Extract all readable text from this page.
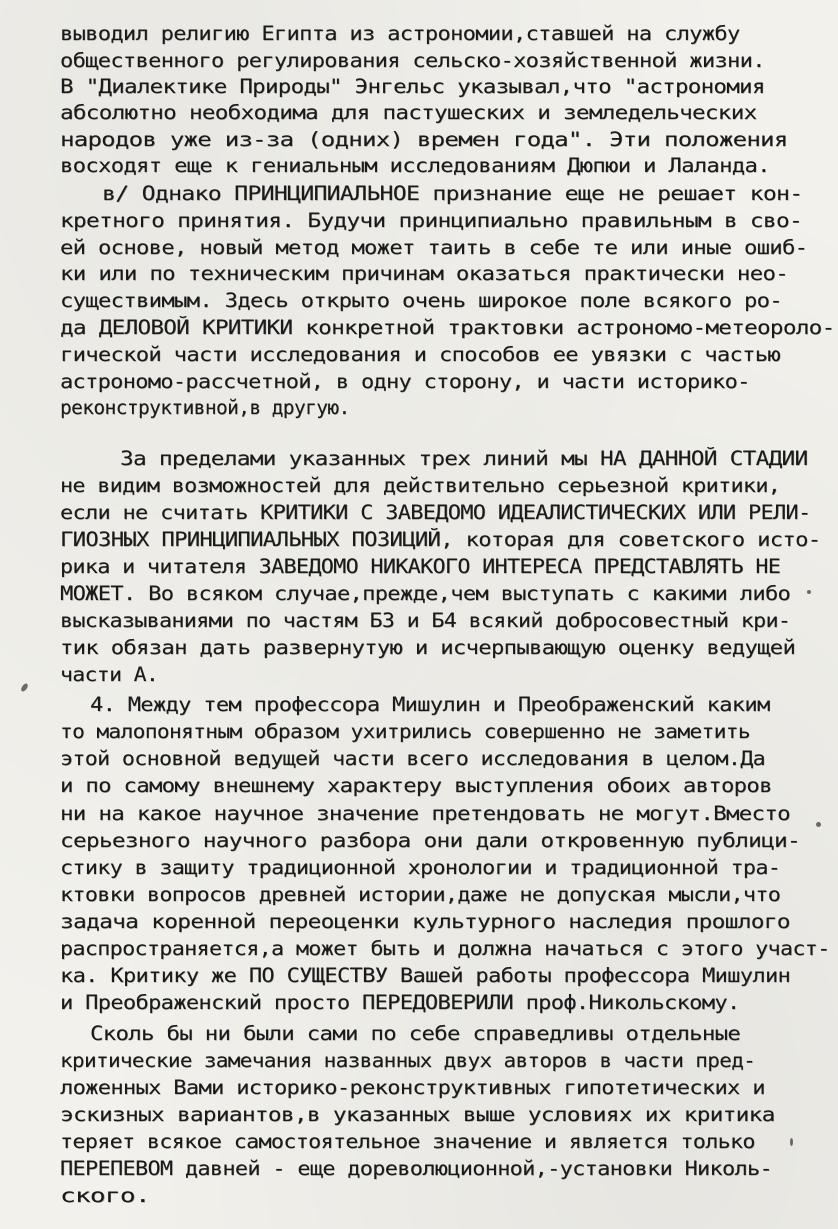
выводил религию Египта из астрономии,ставшей на службу
общественного регулирования сельско-хозяйственной жизни.
В "Диалектике Природы" Энгельс указывал,что "астрономия
абсолютно необходима для пастушеских и земледельческих
народов уже из-за (одних) времен года". Эти положения
восходят еще к гениальным исследованиям Дюпюи и Лаланда.
в/ Однако ПРИНЦИПИАЛЬНОЕ признание еще не решает кон-
кретного принятия. Будучи принципиально правильным в сво-
ей основе, новый метод может таить в себе те или иные ошиб-
ки или по техническим причинам оказаться практически нео-
существимым. Здесь открыто очень широкое поле всякого ро-
да ДЕЛОВОЙ КРИТИКИ конкретной трактовки астрономо-метеороло-
гической части исследования и способов ее увязки с частью
астрономо-рассчетной, в одну сторону, и части историко-
реконструктивной,в другую.
За пределами указанных трех линий мы НА ДАННОЙ СТАДИИ
не видим возможностей для действительно серьезной критики,
если не считать КРИТИКИ С ЗАВЕДОМО ИДЕАЛИСТИЧЕСКИХ ИЛИ РЕЛИ-
ГИОЗНЫХ ПРИНЦИПИАЛЬНЫХ ПОЗИЦИЙ, которая для советского исто-
рика и читателя ЗАВЕДОМО НИКАКОГО ИНТЕРЕСА ПРЕДСТАВЛЯТЬ НЕ
МОЖЕТ. Во всяком случае,прежде,чем выступать с какими либо
высказываниями по частям Б3 и Б4 всякий добросовестный кри-
тик обязан дать развернутую и исчерпывающую оценку ведущей
части А.
4. Между тем профессора Мишулин и Преображенский каким
то малопонятным образом ухитрились совершенно не заметить
этой основной ведущей части всего исследования в целом.Да
и по самому внешнему характеру выступления обоих авторов
ни на какое научное значение претендовать не могут.Вместо
серьезного научного разбора они дали откровенную публици-
стику в защиту традиционной хронологии и традиционной тра-
ктовки вопросов древней истории,даже не допуская мысли,что
задача коренной переоценки культурного наследия прошлого
распространяется,а может быть и должна начаться с этого участ-
ка. Критику же ПО СУЩЕСТВУ Вашей работы профессора Мишулин
и Преображенский просто ПЕРЕДОВЕРИЛИ проф.Никольскому.
Сколь бы ни были сами по себе справедливы отдельные
критические замечания названных двух авторов в части пред-
ложенных Вами историко-реконструктивных гипотетических и
эскизных вариантов,в указанных выше условиях их критика
теряет всякое самостоятельное значение и является только
ПЕРЕПЕВОМ давней - еще дореволюционной,-установки Николь-
ского.
